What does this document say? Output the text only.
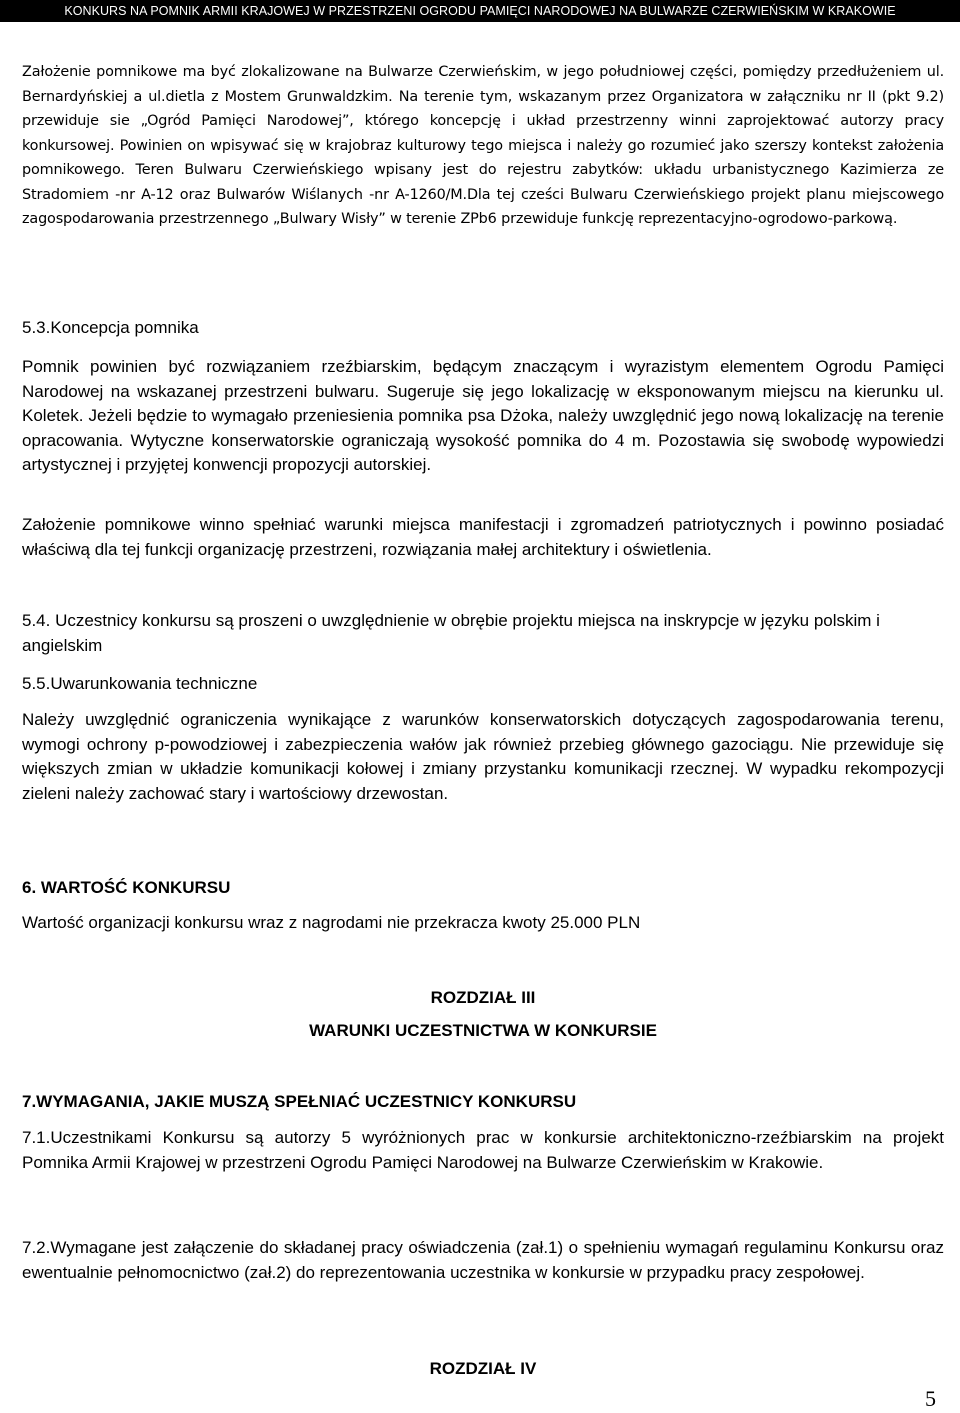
KONKURS NA POMNIK ARMII KRAJOWEJ W PRZESTRZENI OGRODU PAMIĘCI NARODOWEJ NA BULWARZE CZERWIEŃSKIM W KRAKOWIE

Założenie pomnikowe ma być zlokalizowane na Bulwarze Czerwieńskim, w jego południowej części, pomiędzy przedłużeniem ul. Bernardyńskiej a ul.dietla z Mostem Grunwaldzkim. Na terenie tym, wskazanym przez Organizatora w załączniku nr II (pkt 9.2) przewiduje sie „Ogród Pamięci Narodowej”, którego koncepcję i układ przestrzenny winni zaprojektować autorzy pracy konkursowej. Powinien on wpisywać się w krajobraz kulturowy tego miejsca i należy go rozumieć jako szerszy kontekst założenia pomnikowego. Teren Bulwaru Czerwieńskiego wpisany jest do rejestru zabytków: układu urbanistycznego Kazimierza ze Stradomiem -nr A-12 oraz Bulwarów Wiślanych -nr A-1260/M.Dla tej cześci Bulwaru Czerwieńskiego projekt planu miejscowego zagospodarowania przestrzennego „Bulwary Wisły” w terenie ZPb6 przewiduje funkcję reprezentacyjno-ogrodowo-parkową.

5.3.Koncepcja pomnika

Pomnik powinien być rozwiązaniem rzeźbiarskim, będącym znaczącym i wyrazistym elementem Ogrodu Pamięci Narodowej na wskazanej przestrzeni bulwaru. Sugeruje się jego lokalizację w eksponowanym miejscu na kierunku ul. Koletek. Jeżeli będzie to wymagało przeniesienia pomnika psa Dżoka, należy uwzględnić jego nową lokalizację na terenie opracowania. Wytyczne konserwatorskie ograniczają wysokość pomnika do 4 m. Pozostawia się swobodę wypowiedzi artystycznej i przyjętej konwencji propozycji autorskiej.

Założenie pomnikowe winno spełniać warunki miejsca manifestacji i zgromadzeń patriotycznych i powinno posiadać właściwą dla tej funkcji organizację przestrzeni, rozwiązania małej architektury i oświetlenia.

5.4. Uczestnicy konkursu są proszeni o uwzględnienie w obrębie projektu miejsca na inskrypcje w języku polskim i angielskim

5.5.Uwarunkowania techniczne

Należy uwzględnić ograniczenia wynikające z warunków konserwatorskich dotyczących zagospodarowania terenu, wymogi ochrony p-powodziowej i zabezpieczenia wałów jak również przebieg głównego gazociągu. Nie przewiduje się większych zmian w układzie komunikacji kołowej i zmiany przystanku komunikacji rzecznej. W wypadku rekompozycji zieleni należy zachować stary i wartościowy drzewostan.

6. WARTOŚĆ KONKURSU

Wartość organizacji konkursu wraz z nagrodami nie przekracza kwoty 25.000 PLN

ROZDZIAŁ III

WARUNKI UCZESTNICTWA W KONKURSIE

7.WYMAGANIA, JAKIE MUSZĄ SPEŁNIAĆ UCZESTNICY KONKURSU

7.1.Uczestnikami Konkursu są autorzy 5 wyróżnionych prac w konkursie architektoniczno-rzeźbiarskim na projekt Pomnika Armii Krajowej w przestrzeni Ogrodu Pamięci Narodowej na Bulwarze Czerwieńskim w Krakowie.

7.2.Wymagane jest załączenie do składanej pracy oświadczenia (zał.1) o spełnieniu wymagań regulaminu Konkursu oraz ewentualnie pełnomocnictwo (zał.2) do reprezentowania uczestnika w konkursie w przypadku pracy zespołowej.

ROZDZIAŁ IV

5
